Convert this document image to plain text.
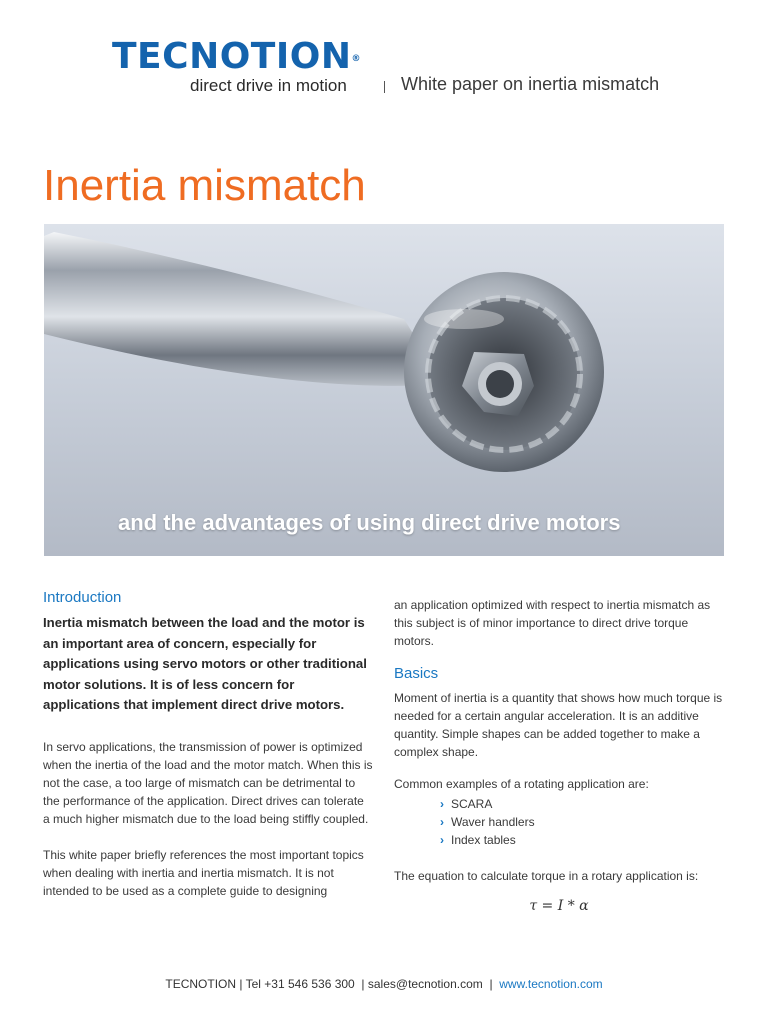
TECNOTION®
direct drive in motion	White paper on inertia mismatch
Inertia mismatch
and the advantages of using direct drive motors
Introduction
Inertia mismatch between the load and the motor is an important area of concern, especially for applications using servo motors or other traditional motor solutions. It is of less concern for applications that implement direct drive motors.

In servo applications, the transmission of power is optimized when the inertia of the load and the motor match. When this is not the case, a too large of mismatch can be detrimental to the performance of the application. Direct drives can tolerate a much higher mismatch due to the load being stiffly coupled.

This white paper briefly references the most important topics when dealing with inertia and inertia mismatch. It is not intended to be used as a complete guide to designing

an application optimized with respect to inertia mismatch as this subject is of minor importance to direct drive torque motors.

Basics

Moment of inertia is a quantity that shows how much torque is needed for a certain angular acceleration. It is an additive quantity. Simple shapes can be added together to make a complex shape.

Common examples of a rotating application are:

› SCARA
› Waver handlers
› Index tables

The equation to calculate torque in a rotary application is:

τ = I * α
TECNOTION | Tel +31 546 536 300 | sales@tecnotion.com | www.tecnotion.com
